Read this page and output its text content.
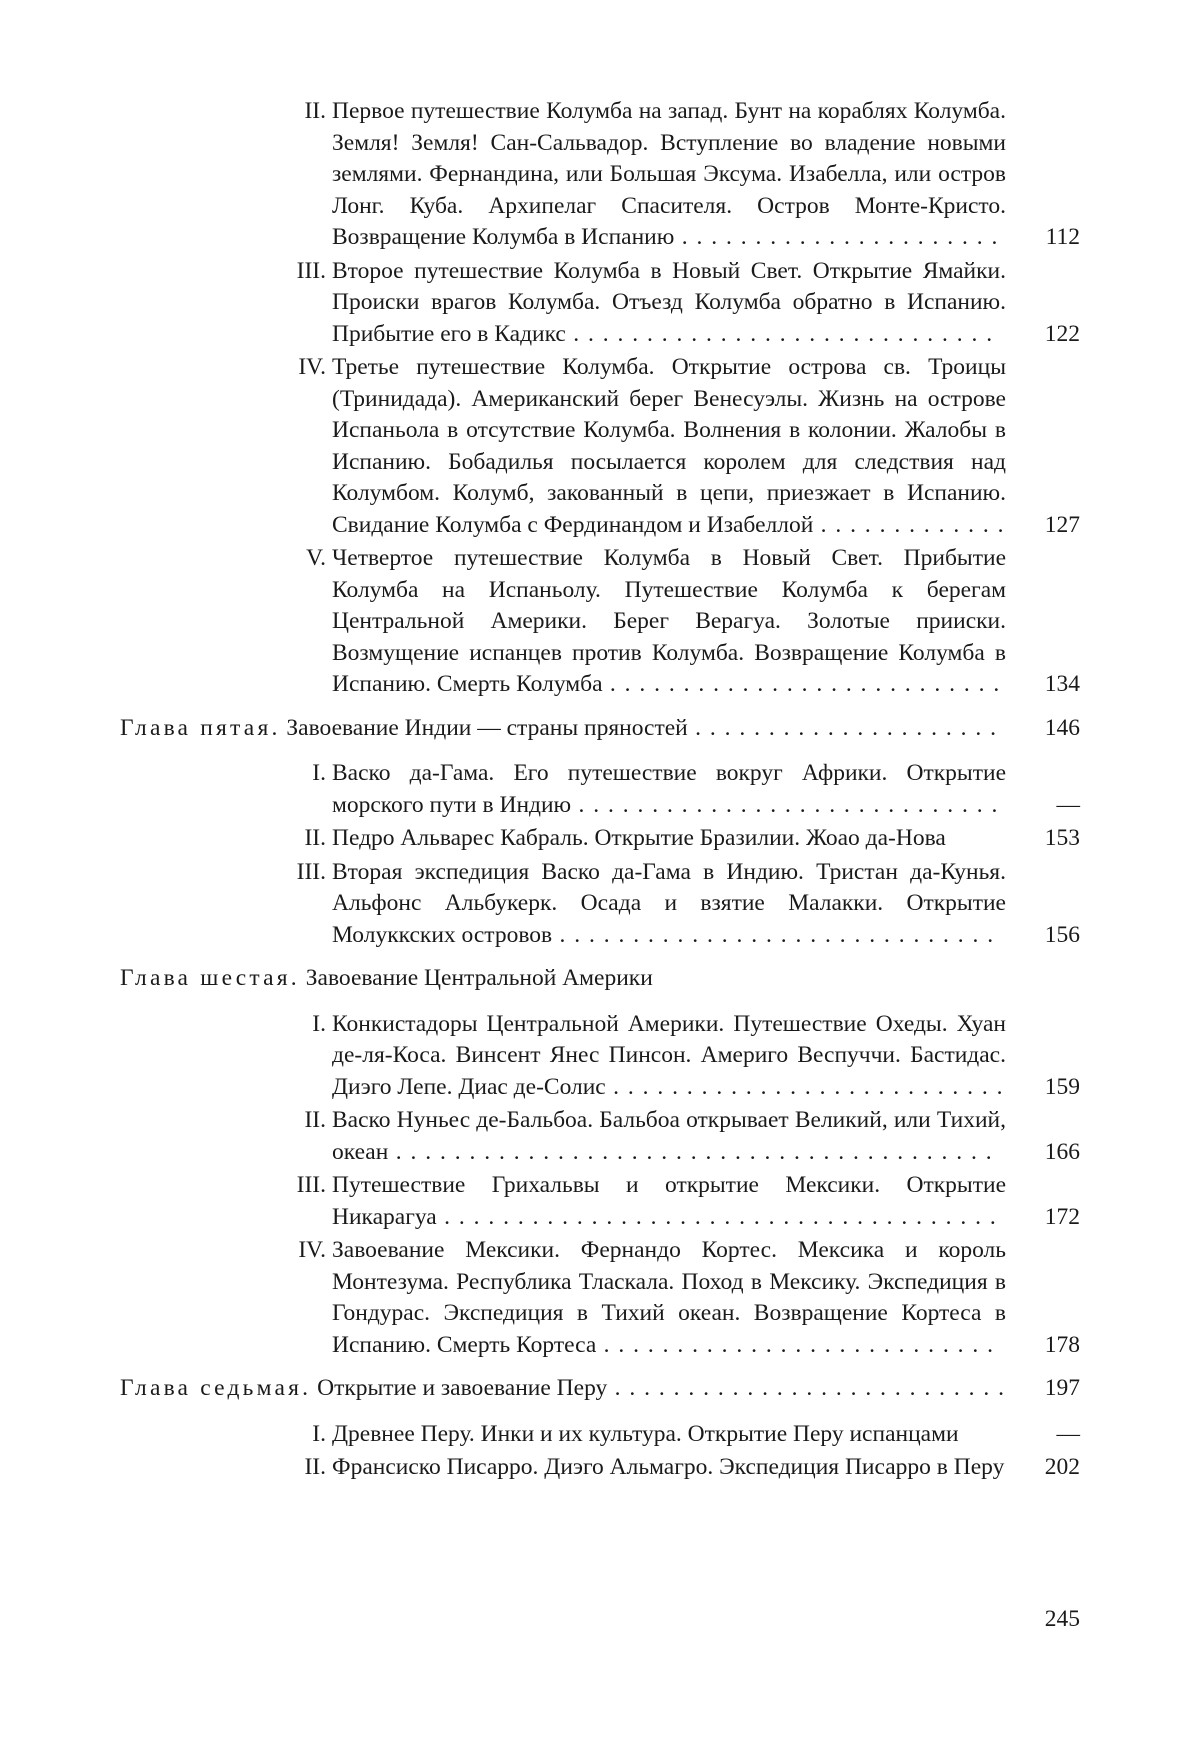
II. Первое путешествие Колумба на запад. Бунт на кораблях Колумба. Земля! Земля! Сан-Сальвадор. Вступление во владение новыми землями. Фернандина, или Большая Эксума. Изабелла, или остров Лонг. Куба. Архипелаг Спасителя. Остров Монте-Кристо. Возвращение Колумба в Испанию . . . . . . . . . . . . . . . . . . . . . .	112
III. Второе путешествие Колумба в Новый Свет. Открытие Ямайки. Происки врагов Колумба. Отъезд Колумба обратно в Испанию. Прибытие его в Кадикс . . . . . . . . . . . . . . . . . . . . . . . . . . . . .	122
IV. Третье путешествие Колумба. Открытие острова св. Троицы (Тринидада). Американский берег Венесуэлы. Жизнь на острове Испаньола в отсутствие Колумба. Волнения в колонии. Жалобы в Испанию. Бобадилья посылается королем для следствия над Колумбом. Колумб, закованный в цепи, приезжает в Испанию. Свидание Колумба с Фердинандом и Изабеллой . . . . . . . . . . . . .	127
V. Четвертое путешествие Колумба в Новый Свет. Прибытие Колумба на Испаньолу. Путешествие Колумба к берегам Центральной Америки. Берег Верагуа. Золотые прииски. Возмущение испанцев против Колумба. Возвращение Колумба в Испанию. Смерть Колумба . . . . . . . . . . . . . . . . . . . . . . . . . . .	134
Глава пятая. Завоевание Индии — страны пряностей . . . . . . . . . . . . . . . . . . . . .	146
I. Васко да-Гама. Его путешествие вокруг Африки. Открытие морского пути в Индию . . . . . . . . . . . . . . . . . . . . . . . . . . . . .	—
II. Педро Альварес Кабраль. Открытие Бразилии. Жоао да-Нова	153
III. Вторая экспедиция Васко да-Гама в Индию. Тристан да-Кунья. Альфонс Альбукерк. Осада и взятие Малакки. Открытие Молуккских островов . . . . . . . . . . . . . . . . . . . . . . . . . . . . . .	156
Глава шестая. Завоевание Центральной Америки
I. Конкистадоры Центральной Америки. Путешествие Охеды. Хуан де-ля-Коса. Винсент Янес Пинсон. Америго Веспуччи. Бастидас. Диэго Лепе. Диас де-Солис . . . . . . . . . . . . . . . . . . . . . . . . . . .	159
II. Васко Нуньес де-Бальбоа. Бальбоа открывает Великий, или Тихий, океан . . . . . . . . . . . . . . . . . . . . . . . . . . . . . . . . . . . . . . . . .	166
III. Путешествие Грихальвы и открытие Мексики. Открытие Никарагуа . . . . . . . . . . . . . . . . . . . . . . . . . . . . . . . . . . . . . .	172
IV. Завоевание Мексики. Фернандо Кортес. Мексика и король Монтезума. Республика Тласкала. Поход в Мексику. Экспедиция в Гондурас. Экспедиция в Тихий океан. Возвращение Кортеса в Испанию. Смерть Кортеса . . . . . . . . . . . . . . . . . . . . . . . . . . .	178
Глава седьмая. Открытие и завоевание Перу . . . . . . . . . . . . . . . . . . . . . . . . . . .	197
I. Древнее Перу. Инки и их культура. Открытие Перу испанцами	—
II. Франсиско Писарро. Диэго Альмагро. Экспедиция Писарро в Перу	202
245
